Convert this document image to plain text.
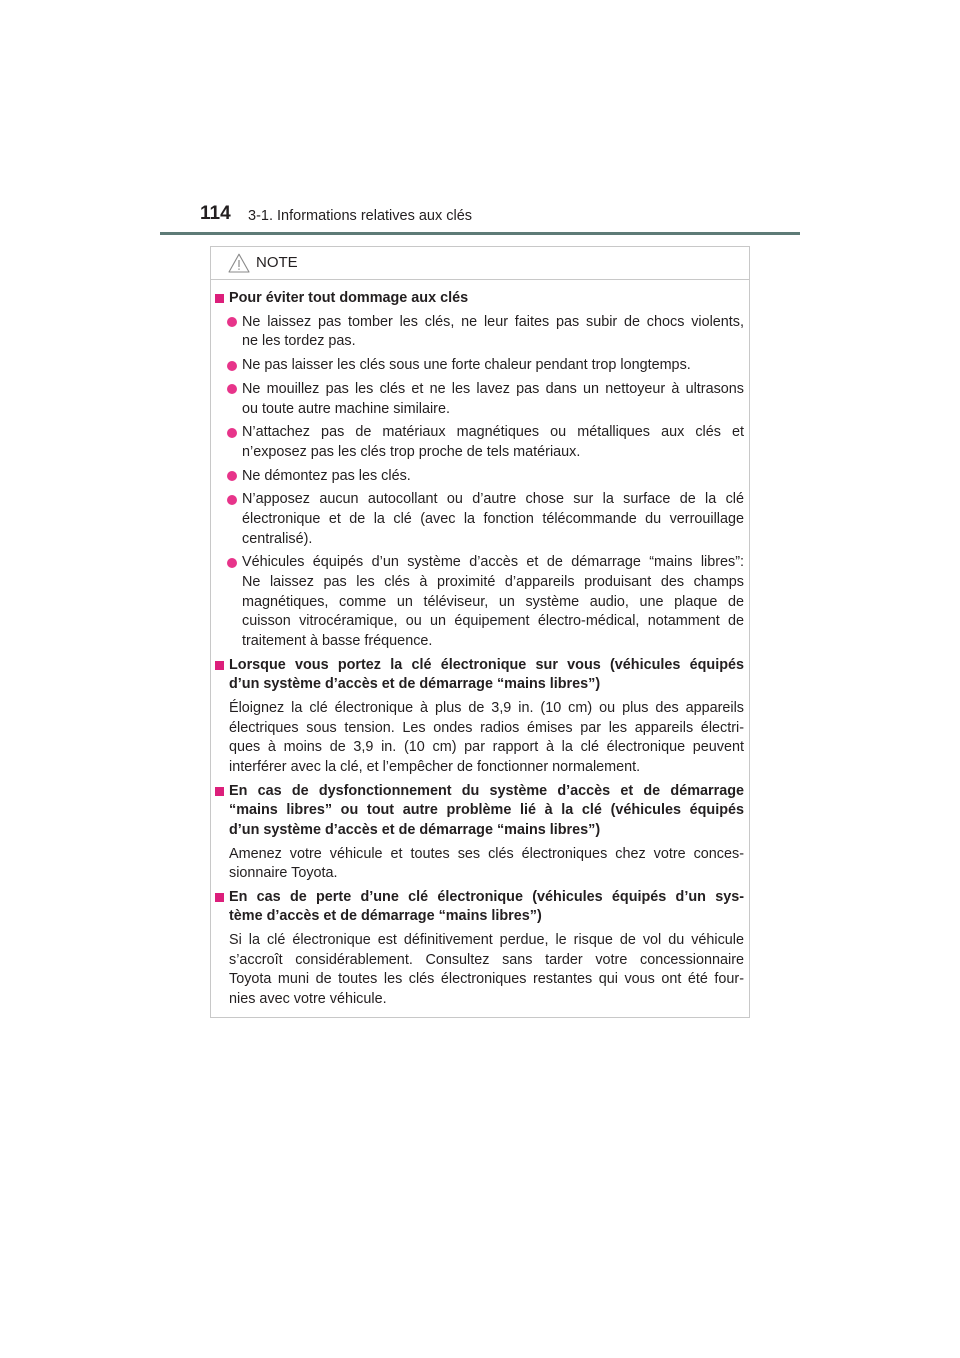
114 3-1. Informations relatives aux clés
NOTE
Pour éviter tout dommage aux clés
Ne laissez pas tomber les clés, ne leur faites pas subir de chocs violents,
ne les tordez pas.
Ne pas laisser les clés sous une forte chaleur pendant trop longtemps.
Ne mouillez pas les clés et ne les lavez pas dans un nettoyeur à ultrasons
ou toute autre machine similaire.
N’attachez pas de matériaux magnétiques ou métalliques aux clés et
n’exposez pas les clés trop proche de tels matériaux.
Ne démontez pas les clés.
N’apposez aucun autocollant ou d’autre chose sur la surface de la clé
électronique et de la clé (avec la fonction télécommande du verrouillage
centralisé).
Véhicules équipés d’un système d’accès et de démarrage “mains libres”:
Ne laissez pas les clés à proximité d’appareils produisant des champs
magnétiques, comme un téléviseur, un système audio, une plaque de
cuisson vitrocéramique, ou un équipement électro-médical, notamment de
traitement à basse fréquence.
Lorsque vous portez la clé électronique sur vous (véhicules équipés
d’un système d’accès et de démarrage “mains libres”)
Éloignez la clé électronique à plus de 3,9 in. (10 cm) ou plus des appareils
électriques sous tension. Les ondes radios émises par les appareils électri-
ques à moins de 3,9 in. (10 cm) par rapport à la clé électronique peuvent
interférer avec la clé, et l’empêcher de fonctionner normalement.
En cas de dysfonctionnement du système d’accès et de démarrage
“mains libres” ou tout autre problème lié à la clé (véhicules équipés
d’un système d’accès et de démarrage “mains libres”)
Amenez votre véhicule et toutes ses clés électroniques chez votre conces-
sionnaire Toyota.
En cas de perte d’une clé électronique (véhicules équipés d’un sys-
tème d’accès et de démarrage “mains libres”)
Si la clé électronique est définitivement perdue, le risque de vol du véhicule
s’accroît considérablement. Consultez sans tarder votre concessionnaire
Toyota muni de toutes les clés électroniques restantes qui vous ont été four-
nies avec votre véhicule.
